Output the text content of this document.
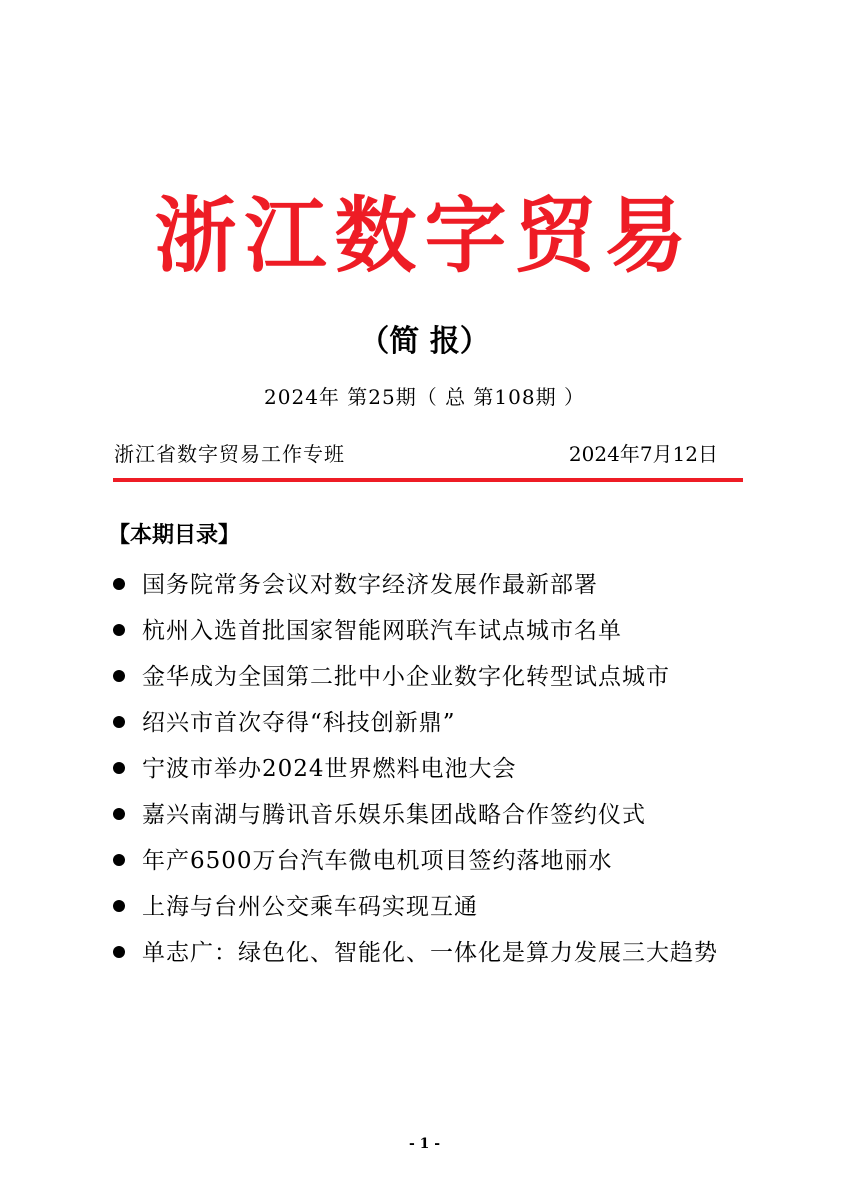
浙江数字贸易
（简 报）
2024年 第25期（ 总 第108期 ）
浙江省数字贸易工作专班	2024年7月12日
【本期目录】
国务院常务会议对数字经济发展作最新部署
杭州入选首批国家智能网联汽车试点城市名单
金华成为全国第二批中小企业数字化转型试点城市
绍兴市首次夺得“科技创新鼎”
宁波市举办2024世界燃料电池大会
嘉兴南湖与腾讯音乐娱乐集团战略合作签约仪式
年产6500万台汽车微电机项目签约落地丽水
上海与台州公交乘车码实现互通
单志广：绿色化、智能化、一体化是算力发展三大趋势
- 1 -
